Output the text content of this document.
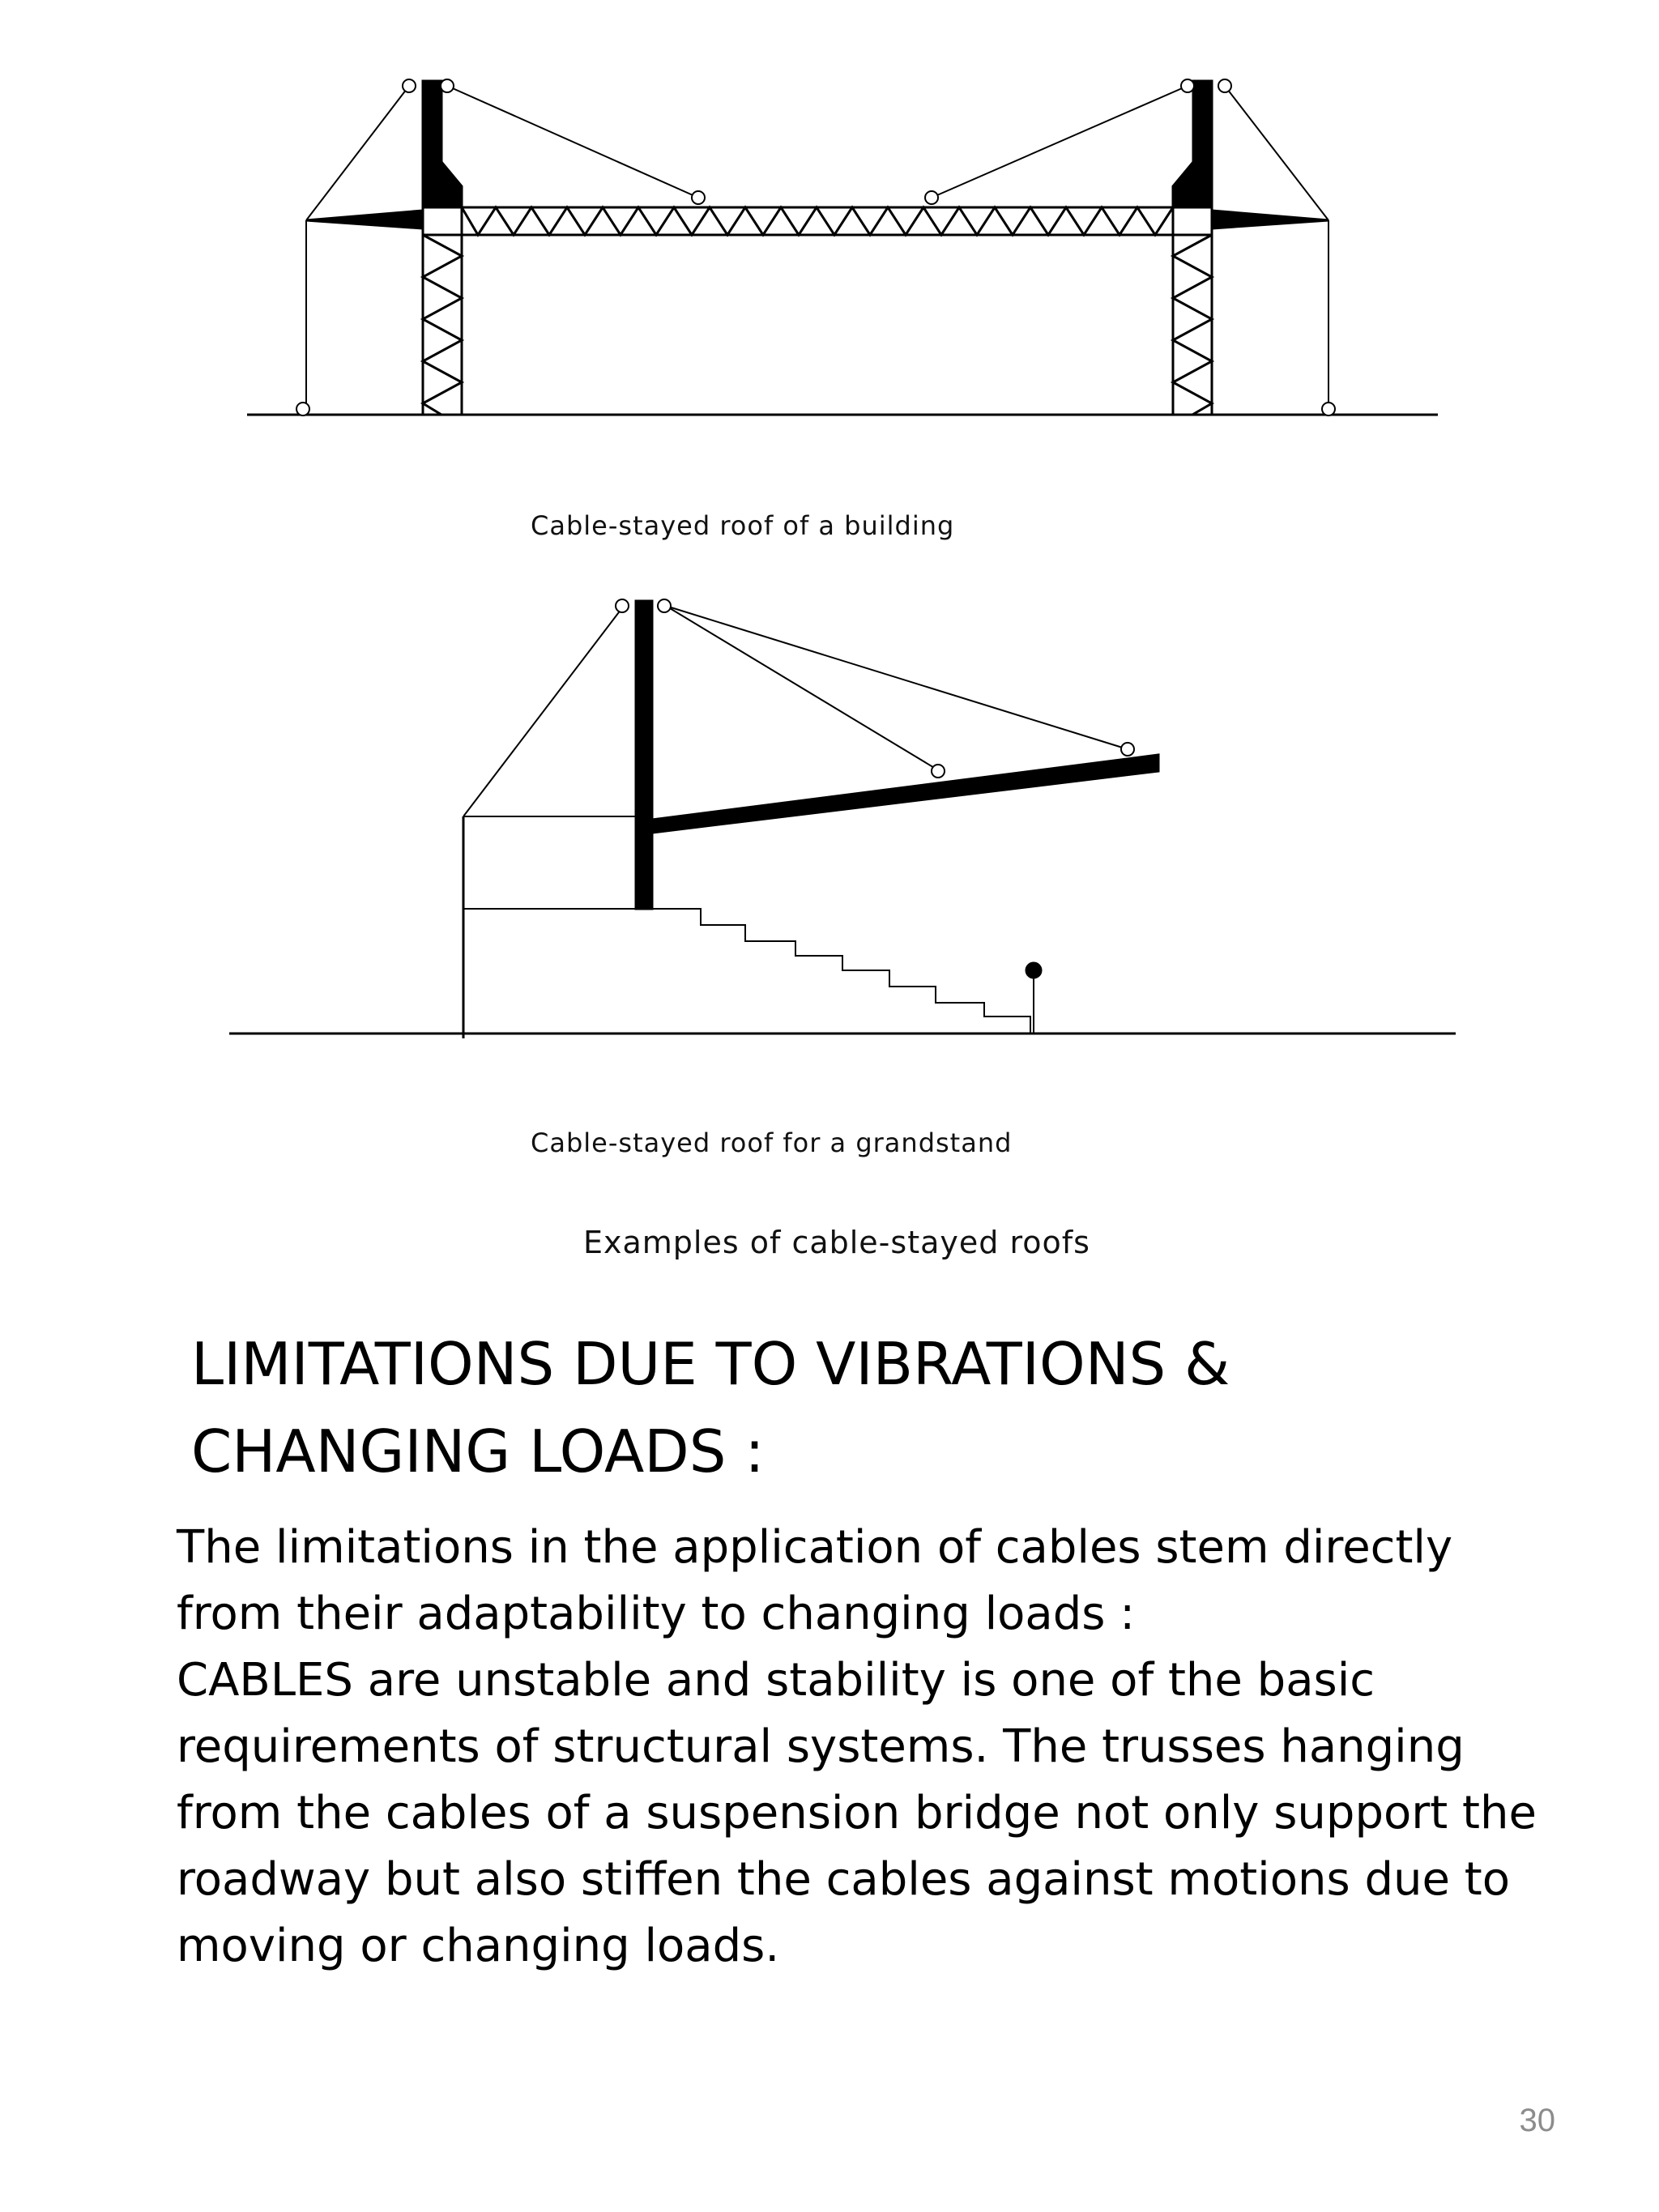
Cable-stayed roof of a building
Cable-stayed roof for a grandstand
Examples of cable-stayed roofs
LIMITATIONS DUE TO VIBRATIONS &
CHANGING LOADS :
The limitations in the application of cables stem directly
from their adaptability to changing loads :
CABLES are unstable and stability is one of the basic
requirements of structural systems. The trusses hanging
from the cables of a suspension bridge not only support the
roadway but also stiffen the cables against motions due to
moving or changing loads.
30
